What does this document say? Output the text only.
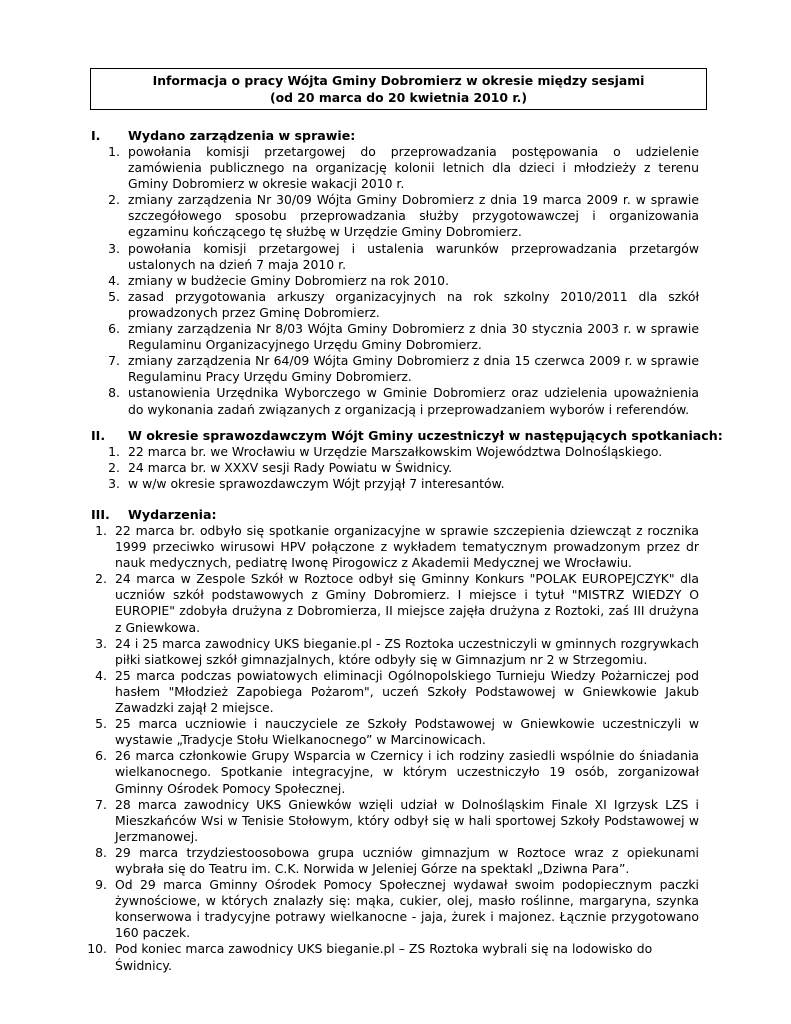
Informacja o pracy Wójta Gminy Dobromierz w okresie między sesjami
(od 20 marca do 20 kwietnia 2010 r.)
I. Wydano zarządzenia w sprawie:
1. powołania komisji przetargowej do przeprowadzania postępowania o udzielenie zamówienia publicznego na organizację kolonii letnich dla dzieci i młodzieży z terenu Gminy Dobromierz w okresie wakacji 2010 r.
2. zmiany zarządzenia Nr 30/09 Wójta Gminy Dobromierz z dnia 19 marca 2009 r. w sprawie szczegółowego sposobu przeprowadzania służby przygotowawczej i organizowania egzaminu kończącego tę służbę w Urzędzie Gminy Dobromierz.
3. powołania komisji przetargowej i ustalenia warunków przeprowadzania przetargów ustalonych na dzień 7 maja 2010 r.
4. zmiany w budżecie Gminy Dobromierz na rok 2010.
5. zasad przygotowania arkuszy organizacyjnych na rok szkolny 2010/2011 dla szkół prowadzonych przez Gminę Dobromierz.
6. zmiany zarządzenia Nr 8/03 Wójta Gminy Dobromierz z dnia 30 stycznia 2003 r. w sprawie Regulaminu Organizacyjnego Urzędu Gminy Dobromierz.
7. zmiany zarządzenia Nr 64/09 Wójta Gminy Dobromierz z dnia 15 czerwca 2009 r. w sprawie Regulaminu Pracy Urzędu Gminy Dobromierz.
8. ustanowienia Urzędnika Wyborczego w Gminie Dobromierz oraz udzielenia upoważnienia do wykonania zadań związanych z organizacją i przeprowadzaniem wyborów i referendów.
II. W okresie sprawozdawczym Wójt Gminy uczestniczył w następujących spotkaniach:
1. 22 marca br. we Wrocławiu w Urzędzie Marszałkowskim Województwa Dolnośląskiego.
2. 24 marca br. w XXXV sesji Rady Powiatu w Świdnicy.
3. w w/w okresie sprawozdawczym Wójt przyjął 7 interesantów.
III. Wydarzenia:
1. 22 marca br. odbyło się spotkanie organizacyjne w sprawie szczepienia dziewcząt z rocznika 1999 przeciwko wirusowi HPV połączone z wykładem tematycznym prowadzonym przez dr nauk medycznych, pediatrę Iwonę Pirogowicz z Akademii Medycznej we Wrocławiu.
2. 24 marca w Zespole Szkół w Roztoce odbył się Gminny Konkurs "POLAK EUROPEJCZYK" dla uczniów szkół podstawowych z Gminy Dobromierz. I miejsce i tytuł "MISTRZ WIEDZY O EUROPIE" zdobyła drużyna z Dobromierza, II miejsce zajęła drużyna z Roztoki, zaś III drużyna z Gniewkowa.
3. 24 i 25 marca zawodnicy UKS bieganie.pl - ZS Roztoka uczestniczyli w gminnych rozgrywkach piłki siatkowej szkół gimnazjalnych, które odbyły się w Gimnazjum nr 2 w Strzegomiu.
4. 25 marca podczas powiatowych eliminacji Ogólnopolskiego Turnieju Wiedzy Pożarniczej pod hasłem "Młodzież Zapobiega Pożarom", uczeń Szkoły Podstawowej w Gniewkowie Jakub Zawadzki zajął 2 miejsce.
5. 25 marca uczniowie i nauczyciele ze Szkoły Podstawowej w Gniewkowie uczestniczyli w wystawie „Tradycje Stołu Wielkanocnego” w Marcinowicach.
6. 26 marca członkowie Grupy Wsparcia w Czernicy i ich rodziny zasiedli wspólnie do śniadania wielkanocnego. Spotkanie integracyjne, w którym uczestniczyło 19 osób, zorganizował Gminny Ośrodek Pomocy Społecznej.
7. 28 marca zawodnicy UKS Gniewków wzięli udział w Dolnośląskim Finale XI Igrzysk LZS i Mieszkańców Wsi w Tenisie Stołowym, który odbył się w hali sportowej Szkoły Podstawowej w Jerzmanowej.
8. 29 marca trzydziestoosobowa grupa uczniów gimnazjum w Roztoce wraz z opiekunami wybrała się do Teatru im. C.K. Norwida w Jeleniej Górze na spektakl „Dziwna Para”.
9. Od 29 marca Gminny Ośrodek Pomocy Społecznej wydawał swoim podopiecznym paczki żywnościowe, w których znalazły się: mąka, cukier, olej, masło roślinne, margaryna, szynka konserwowa i tradycyjne potrawy wielkanocne - jaja, żurek i majonez. Łącznie przygotowano 160 paczek.
10. Pod koniec marca zawodnicy UKS bieganie.pl – ZS Roztoka wybrali się na lodowisko do Świdnicy.
